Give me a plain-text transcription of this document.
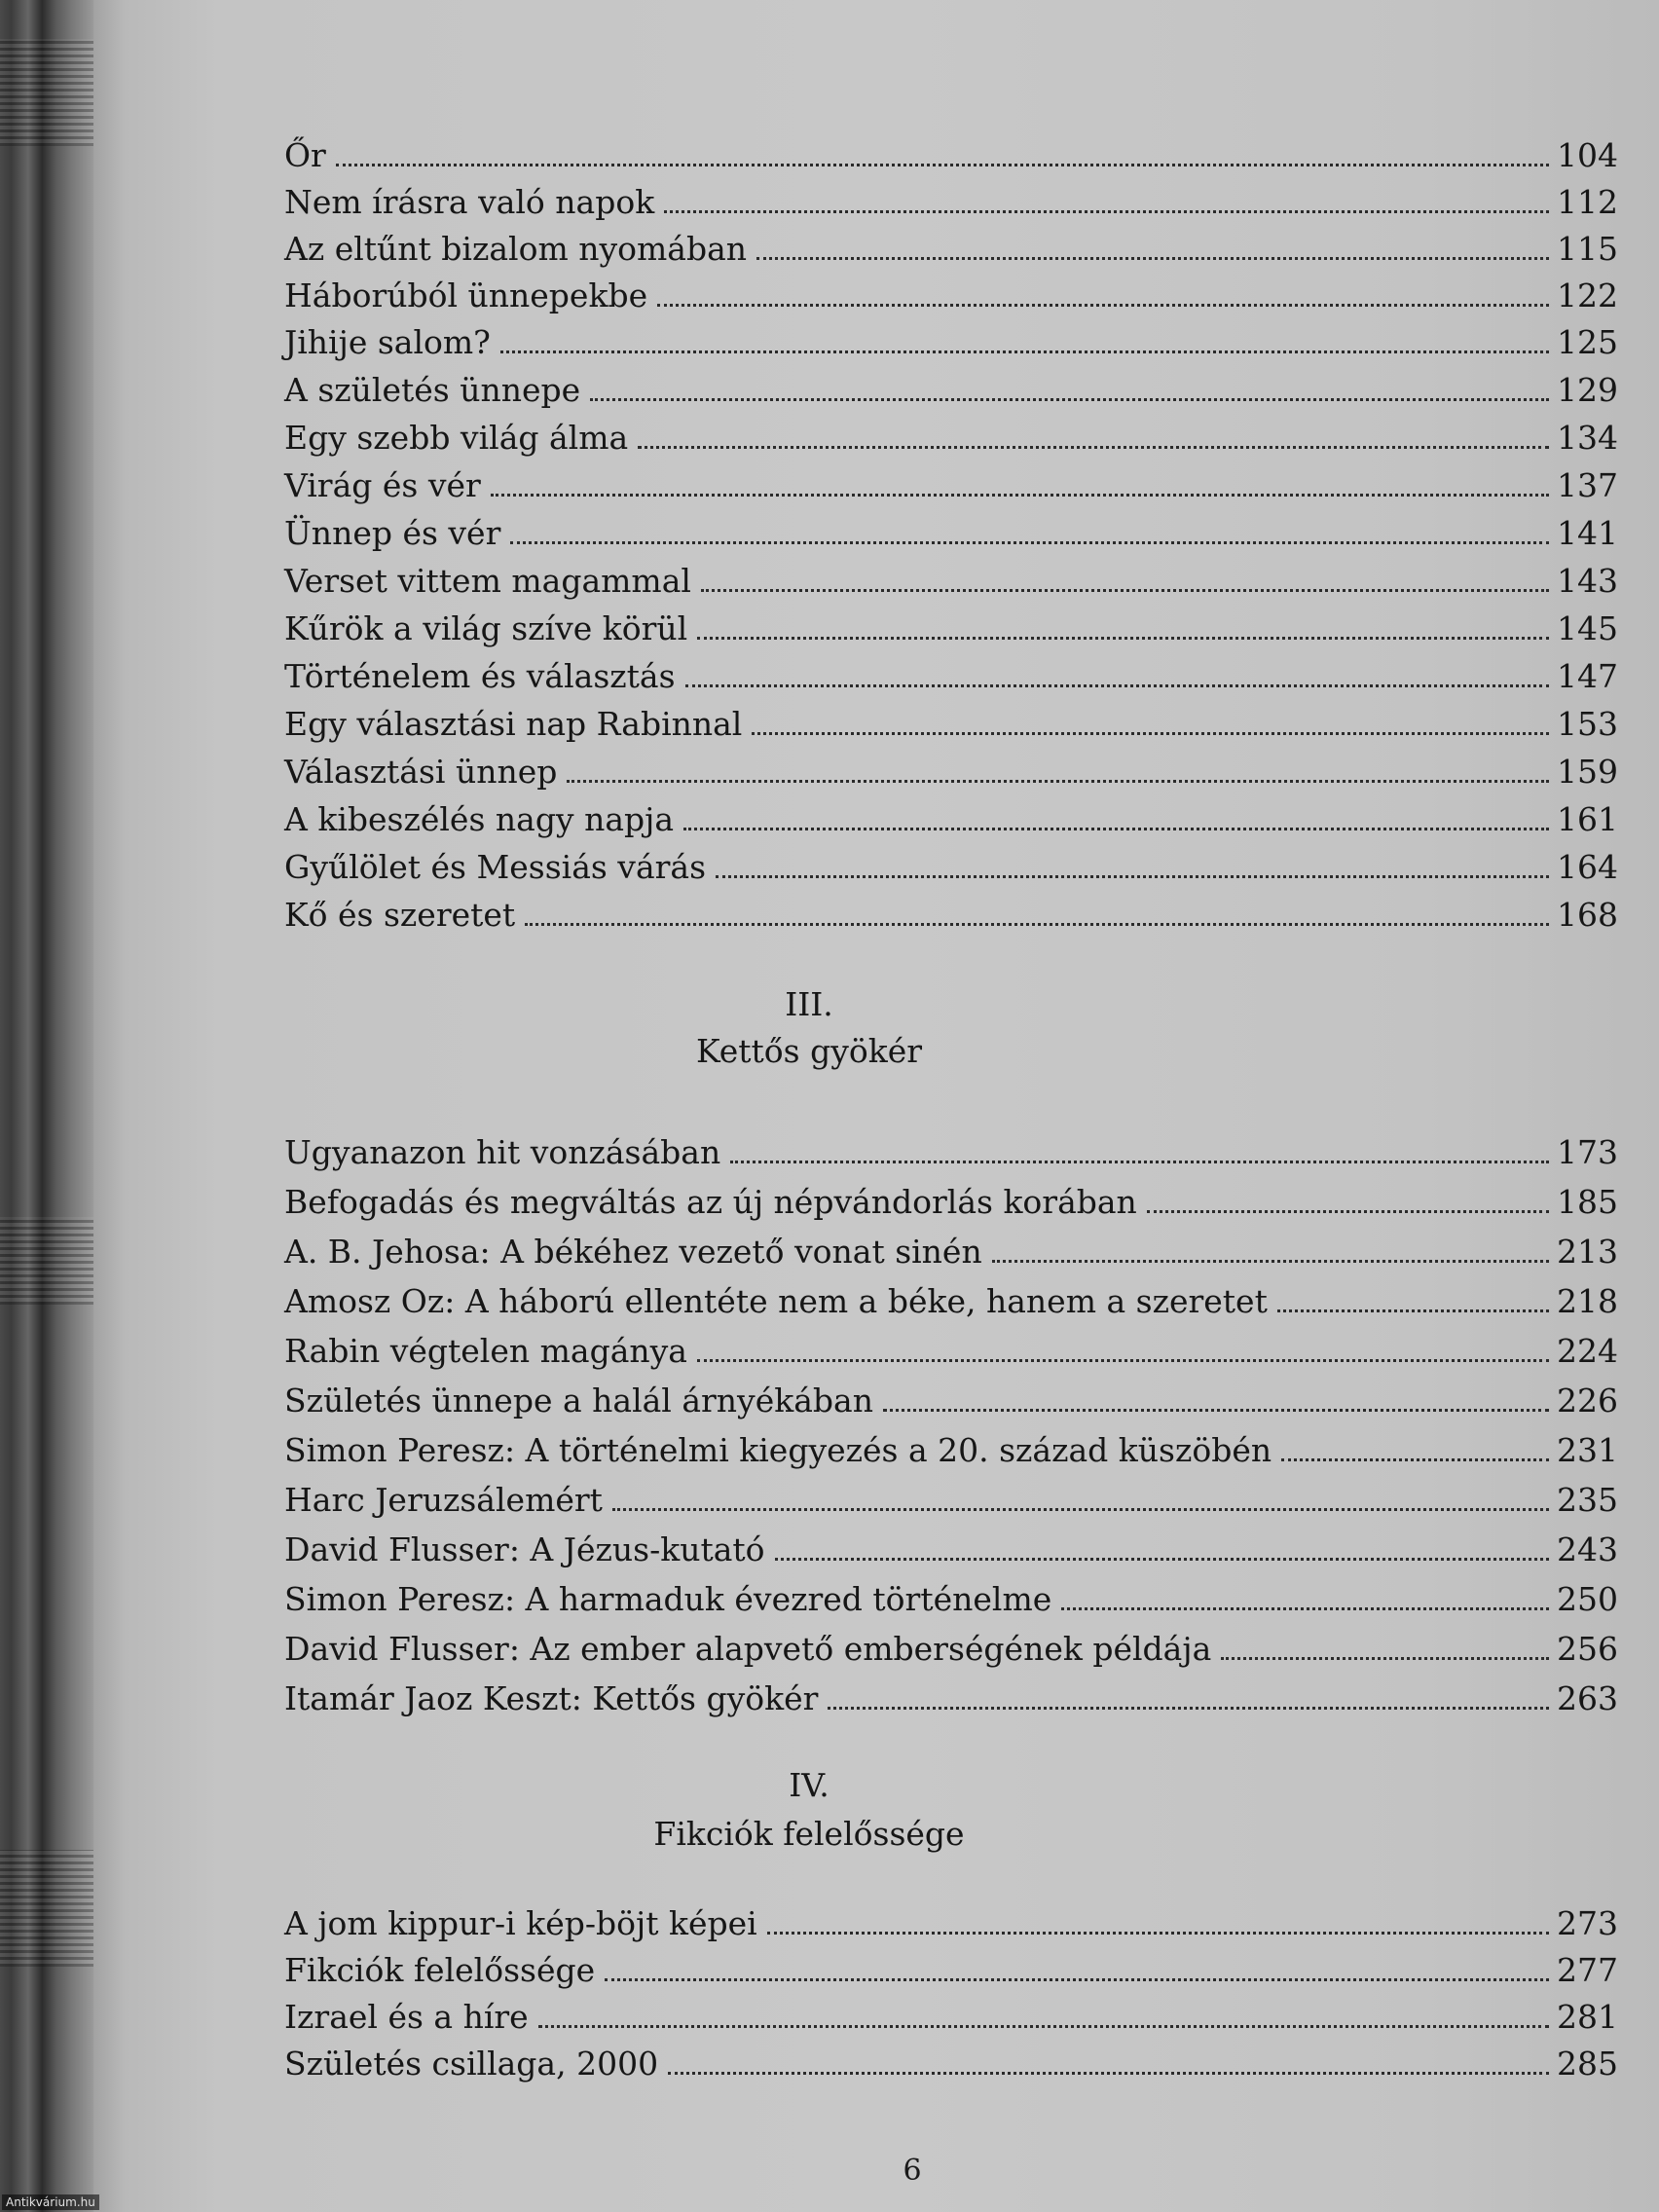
Őr	104
Nem írásra való napok	112
Az eltűnt bizalom nyomában	115
Háborúból ünnepekbe	122
Jihije salom?	125
A születés ünnepe	129
Egy szebb világ álma	134
Virág és vér	137
Ünnep és vér	141
Verset vittem magammal	143
Kűrök a világ szíve körül	145
Történelem és választás	147
Egy választási nap Rabinnal	153
Választási ünnep	159
A kibeszélés nagy napja	161
Gyűlölet és Messiás várás	164
Kő és szeretet	168
III.
Kettős gyökér
Ugyanazon hit vonzásában	173
Befogadás és megváltás az új népvándorlás korában	185
A. B. Jehosa: A békéhez vezető vonat sinén	213
Amosz Oz: A háború ellentéte nem a béke, hanem a szeretet	218
Rabin végtelen magánya	224
Születés ünnepe a halál árnyékában	226
Simon Peresz: A történelmi kiegyezés a 20. század küszöbén	231
Harc Jeruzsálemért	235
David Flusser: A Jézus-kutató	243
Simon Peresz: A harmaduk évezred történelme	250
David Flusser: Az ember alapvető emberségének példája	256
Itamár Jaoz Keszt: Kettős gyökér	263
IV.
Fikciók felelőssége
A jom kippur-i kép-böjt képei	273
Fikciók felelőssége	277
Izrael és a híre	281
Születés csillaga, 2000	285
6
Antikvárium.hu
